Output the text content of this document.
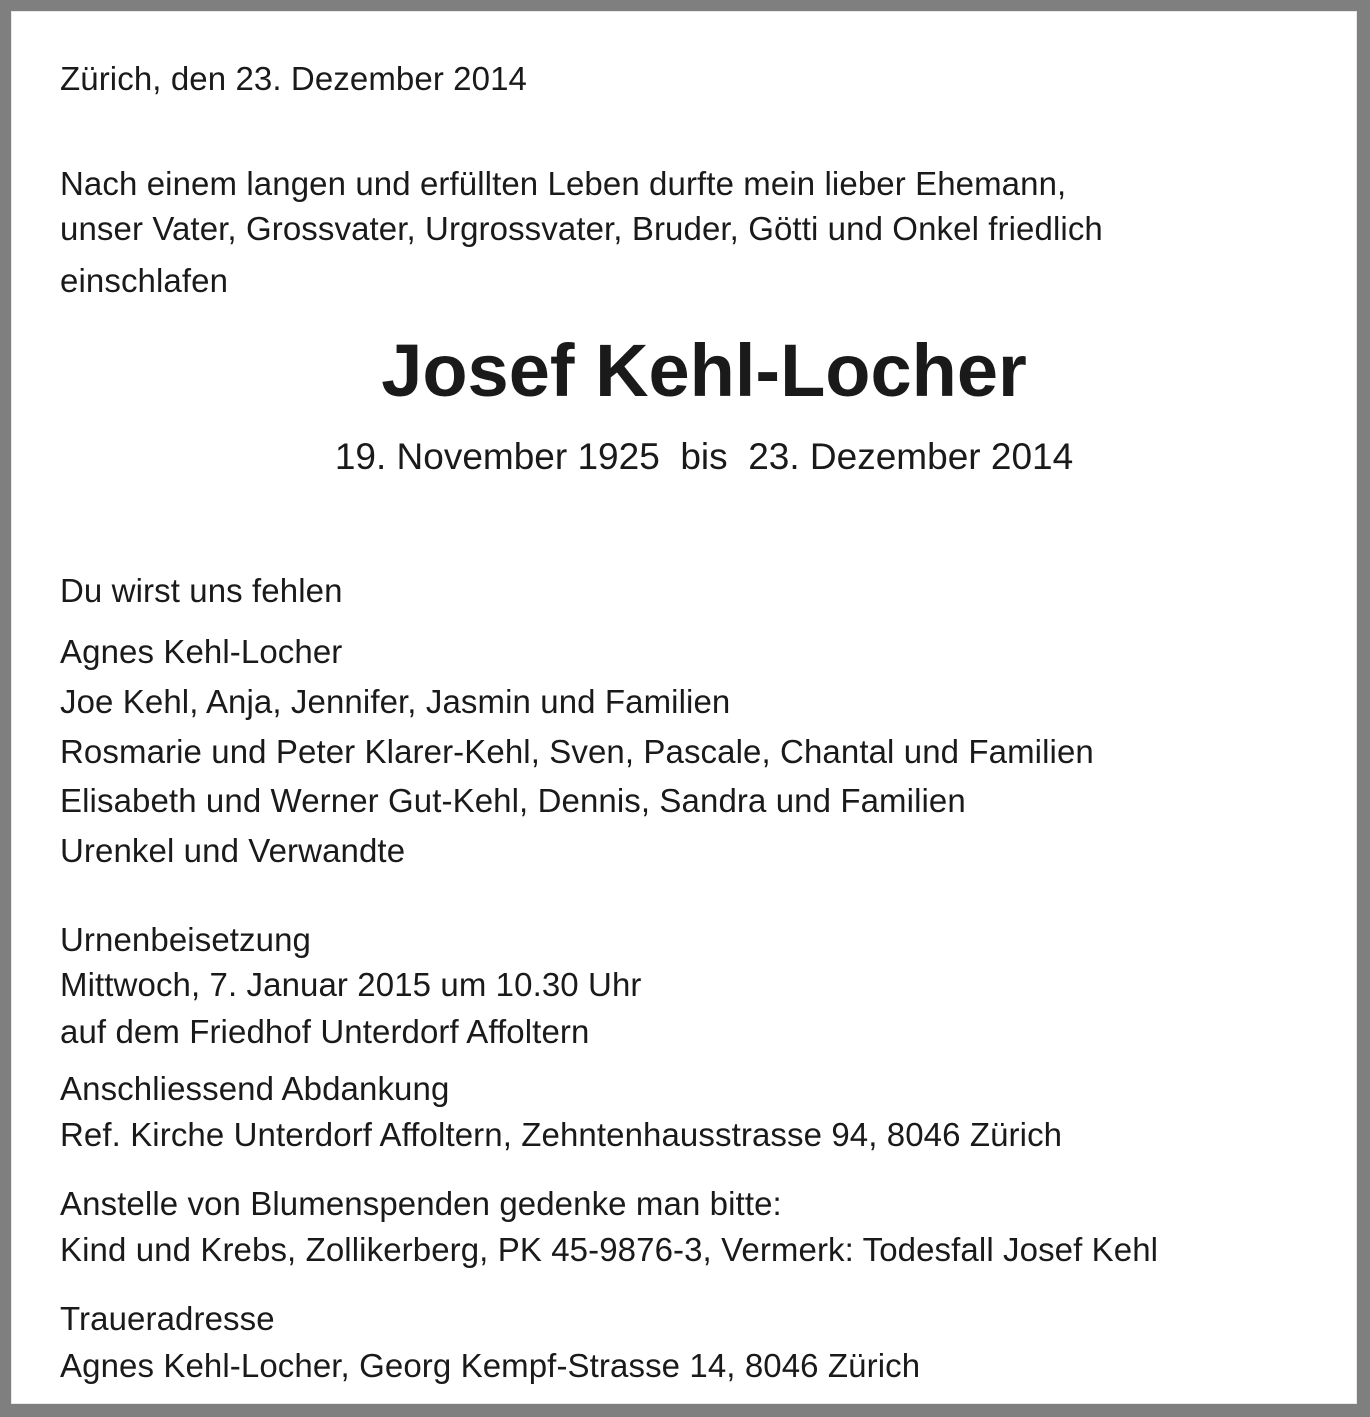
Zürich, den 23. Dezember 2014

Nach einem langen und erfüllten Leben durfte mein lieber Ehemann,

unser Vater, Grossvater, Urgrossvater, Bruder, Götti und Onkel friedlich

einschlafen

Josef Kehl-Locher

19. November 1925  bis  23. Dezember 2014

Du wirst uns fehlen

Agnes Kehl-Locher

Joe Kehl, Anja, Jennifer, Jasmin und Familien

Rosmarie und Peter Klarer-Kehl, Sven, Pascale, Chantal und Familien

Elisabeth und Werner Gut-Kehl, Dennis, Sandra und Familien

Urenkel und Verwandte

Urnenbeisetzung

Mittwoch, 7. Januar 2015 um 10.30 Uhr

auf dem Friedhof Unterdorf Affoltern

Anschliessend Abdankung

Ref. Kirche Unterdorf Affoltern, Zehntenhausstrasse 94, 8046 Zürich

Anstelle von Blumenspenden gedenke man bitte:

Kind und Krebs, Zollikerberg, PK 45-9876-3, Vermerk: Todesfall Josef Kehl

Traueradresse

Agnes Kehl-Locher, Georg Kempf-Strasse 14, 8046 Zürich
